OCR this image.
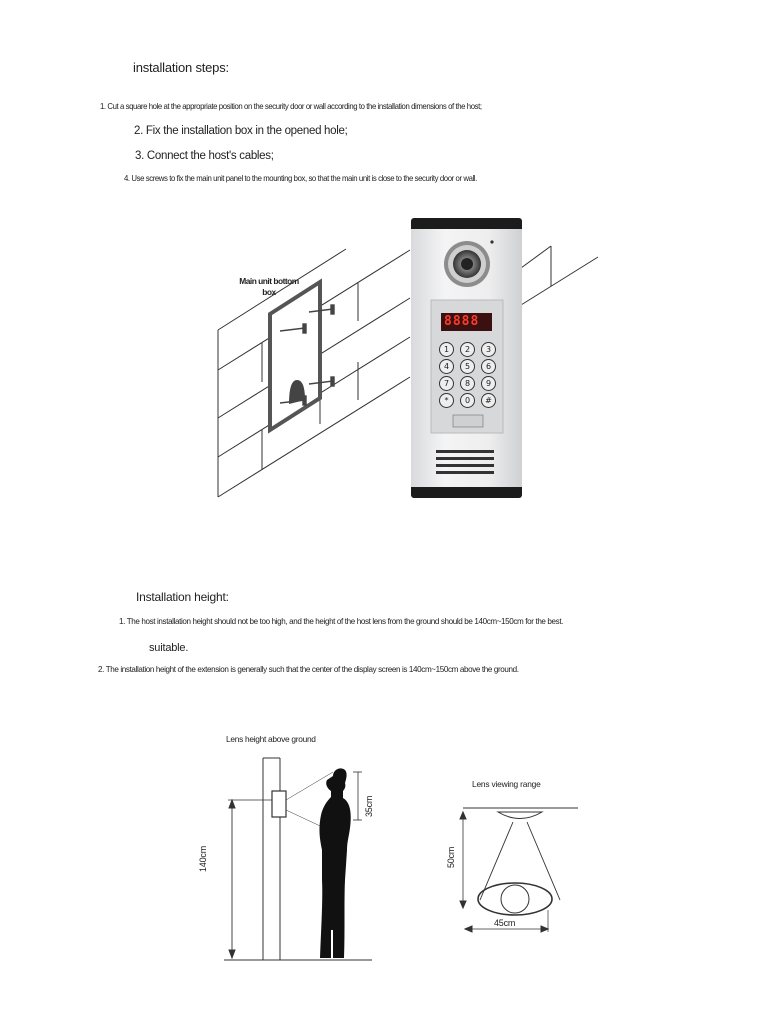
installation steps:
1. Cut a square hole at the appropriate position on the security door or wall according to the installation dimensions of the host;
2. Fix the installation box in the opened hole;
3. Connect the host's cables;
4. Use screws to fix the main unit panel to the mounting box, so that the main unit is close to the security door or wall.
8888
1	2	3
4	5	6
7	8	9
*	0	#
Main unit bottom box
Installation height:
1. The host installation height should not be too high, and the height of the host lens from the ground should be 140cm~150cm for the best.
suitable.
2. The installation height of the extension is generally such that the center of the display screen is 140cm~150cm above the ground.
Lens height above ground
Lens viewing range
140cm
35cm
50cm
45cm
